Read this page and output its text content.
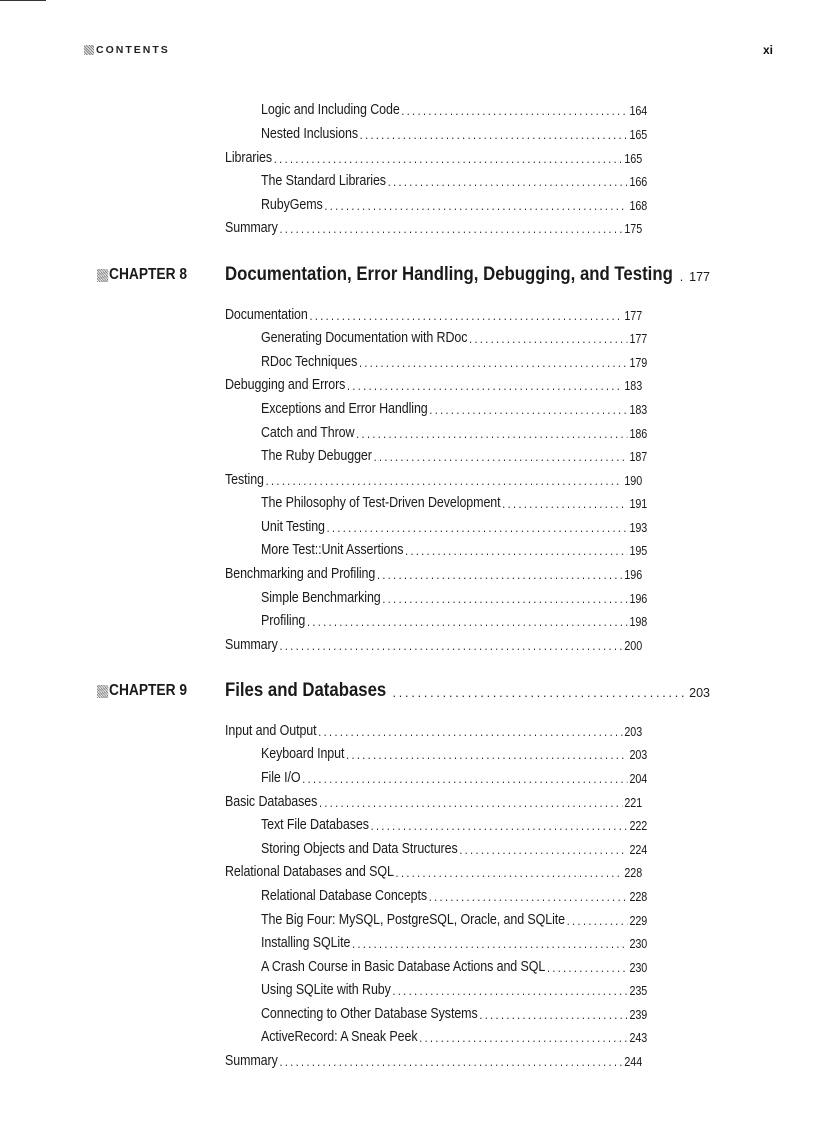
CONTENTS	xi
Logic and Including Code .....	164
Nested Inclusions .....	165
Libraries .....	165
The Standard Libraries .....	166
RubyGems .....	168
Summary .....	175
CHAPTER 8 Documentation, Error Handling, Debugging, and Testing ..... 177
Documentation .....	177
Generating Documentation with RDoc .....	177
RDoc Techniques .....	179
Debugging and Errors .....	183
Exceptions and Error Handling .....	183
Catch and Throw .....	186
The Ruby Debugger .....	187
Testing .....	190
The Philosophy of Test-Driven Development .....	191
Unit Testing .....	193
More Test::Unit Assertions .....	195
Benchmarking and Profiling .....	196
Simple Benchmarking .....	196
Profiling .....	198
Summary .....	200
CHAPTER 9 Files and Databases .....	203
Input and Output .....	203
Keyboard Input .....	203
File I/O .....	204
Basic Databases .....	221
Text File Databases .....	222
Storing Objects and Data Structures .....	224
Relational Databases and SQL .....	228
Relational Database Concepts .....	228
The Big Four: MySQL, PostgreSQL, Oracle, and SQLite .....	229
Installing SQLite .....	230
A Crash Course in Basic Database Actions and SQL .....	230
Using SQLite with Ruby .....	235
Connecting to Other Database Systems .....	239
ActiveRecord: A Sneak Peek .....	243
Summary .....	244
